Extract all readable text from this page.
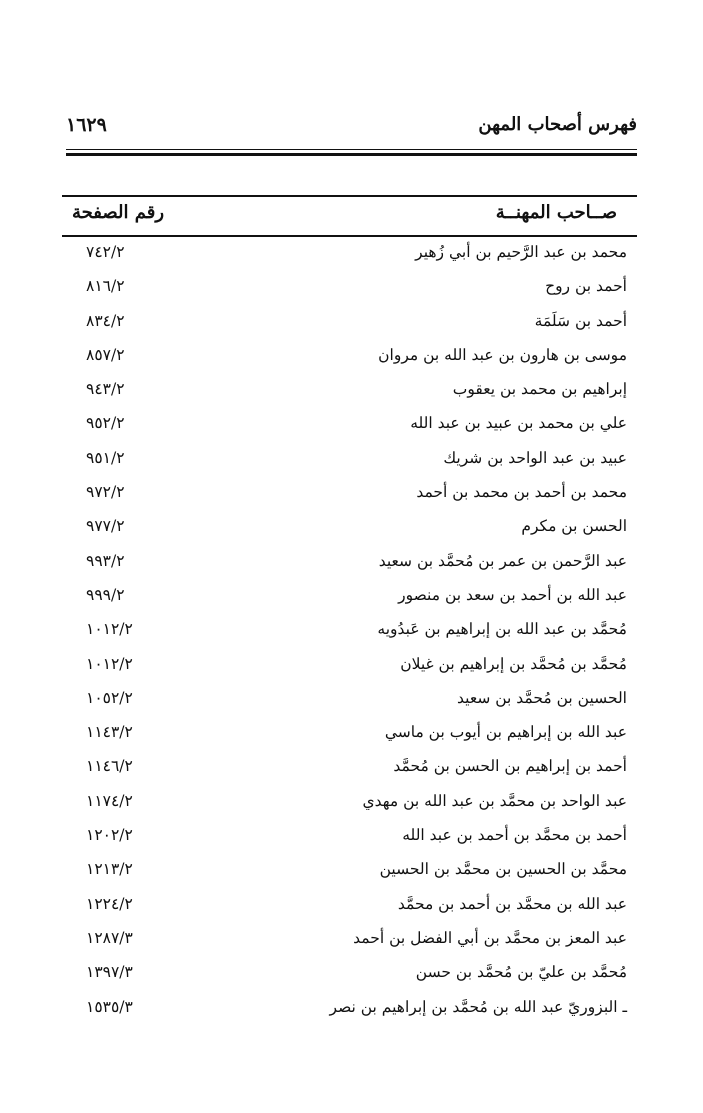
فهرس أصحاب المهن
١٦٢٩
صــاحب المهنــة
رقم الصفحة
محمد بن عبد الرَّحيم بن أبي زُهير
٧٤٢/٢
أحمد بن روح
٨١٦/٢
أحمد بن سَلَمَة
٨٣٤/٢
موسى بن هارون بن عبد الله بن مروان
٨٥٧/٢
إبراهيم بن محمد بن يعقوب
٩٤٣/٢
علي بن محمد بن عبيد بن عبد الله
٩٥٢/٢
عبيد بن عبد الواحد بن شريك
٩٥١/٢
محمد بن أحمد بن محمد بن أحمد
٩٧٢/٢
الحسن بن مكرم
٩٧٧/٢
عبد الرَّحمن بن عمر بن مُحمَّد بن سعيد
٩٩٣/٢
عبد الله بن أحمد بن سعد بن منصور
٩٩٩/٢
مُحمَّد بن عبد الله بن إبراهيم بن عَبدُويه
١٠١٢/٢
مُحمَّد بن مُحمَّد بن إبراهيم بن غيلان
١٠١٢/٢
الحسين بن مُحمَّد بن سعيد
١٠٥٢/٢
عبد الله بن إبراهيم بن أيوب بن ماسي
١١٤٣/٢
أحمد بن إبراهيم بن الحسن بن مُحمَّد
١١٤٦/٢
عبد الواحد بن محمَّد بن عبد الله بن مهدي
١١٧٤/٢
أحمد بن محمَّد بن أحمد بن عبد الله
١٢٠٢/٢
محمَّد بن الحسين بن محمَّد بن الحسين
١٢١٣/٢
عبد الله بن محمَّد بن أحمد بن محمَّد
١٢٢٤/٢
عبد المعز بن محمَّد بن أبي الفضل بن أحمد
١٢٨٧/٣
مُحمَّد بن عليّ بن مُحمَّد بن حسن
١٣٩٧/٣
ـ البزوريّ عبد الله بن مُحمَّد بن إبراهيم بن نصر
١٥٣٥/٣
